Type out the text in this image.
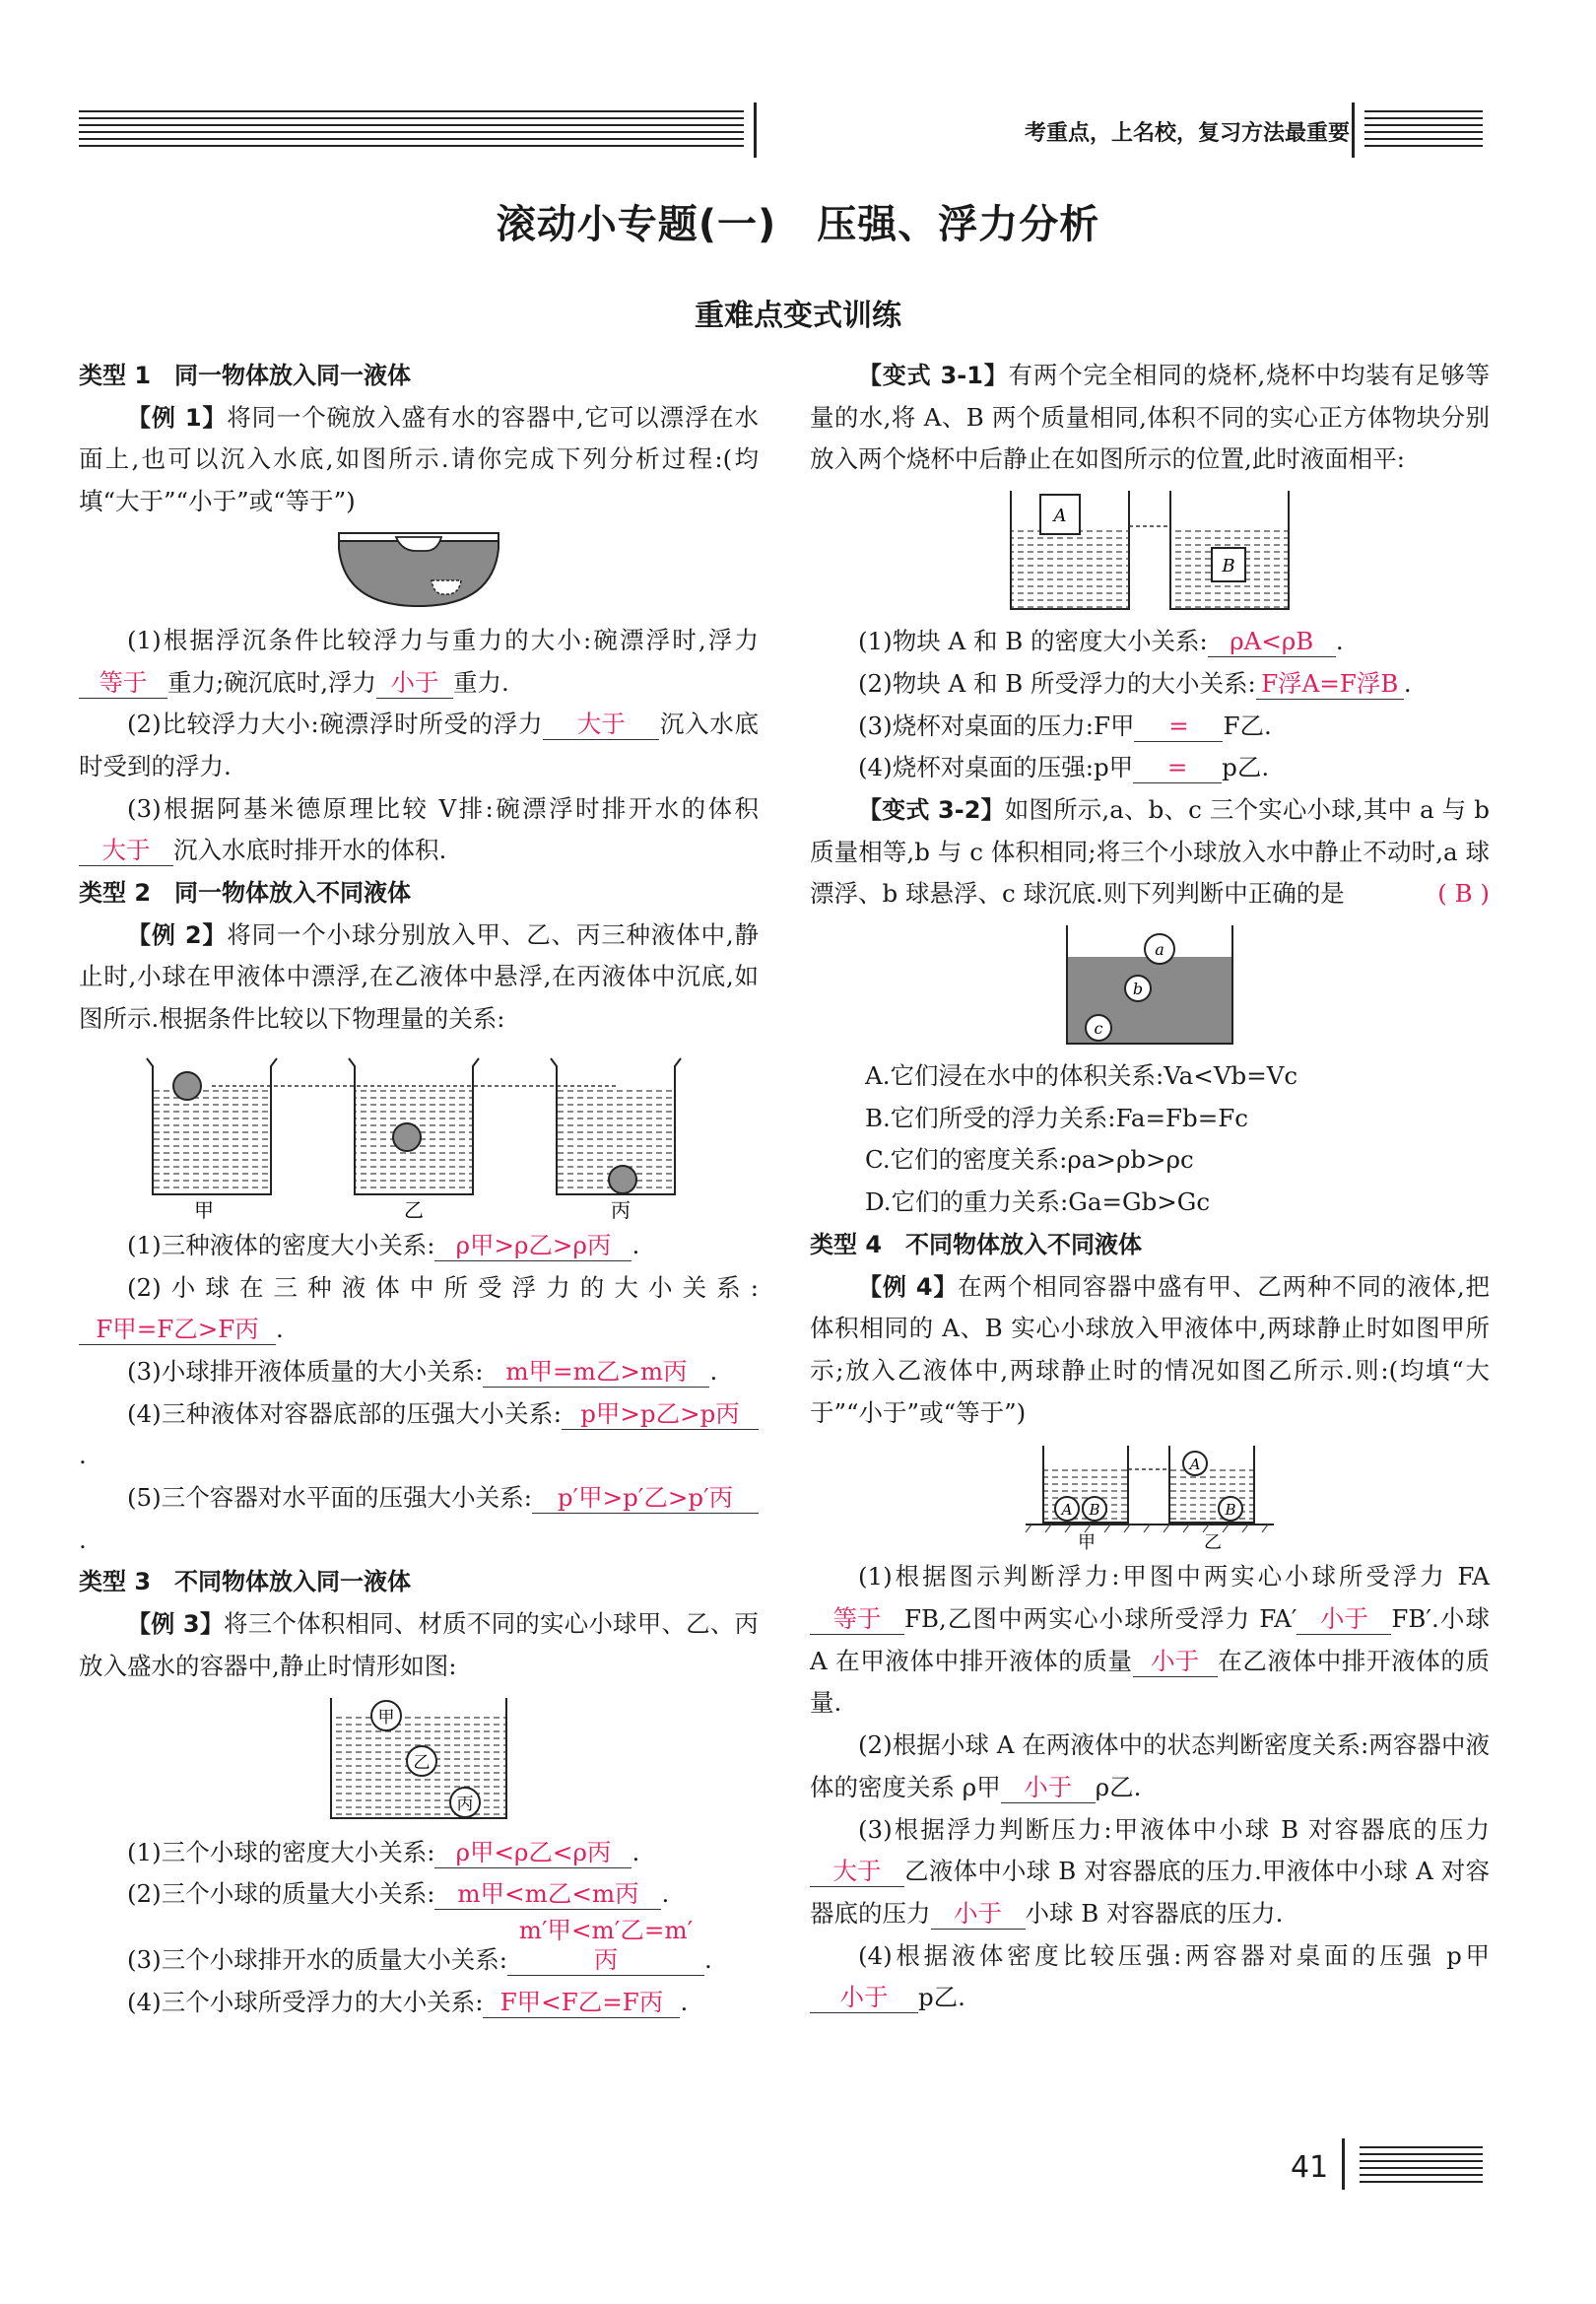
考重点，上名校，复习方法最重要
滚动小专题(一)　压强、浮力分析
重难点变式训练

类型 1　同一物体放入同一液体

【例 1】将同一个碗放入盛有水的容器中,它可以漂浮在水面上,也可以沉入水底,如图所示.请你完成下列分析过程:(均填“大于”“小于”或“等于”)

(1)根据浮沉条件比较浮力与重力的大小:碗漂浮时,浮力等于 重力;碗沉底时,浮力 小于 重力.

(2)比较浮力大小:碗漂浮时所受的浮力 大于 沉入水底时受到的浮力.

(3)根据阿基米德原理比较 V排:碗漂浮时排开水的体积大于 沉入水底时排开水的体积.

类型 2　同一物体放入不同液体

【例 2】将同一个小球分别放入甲、乙、丙三种液体中,静止时,小球在甲液体中漂浮,在乙液体中悬浮,在丙液体中沉底,如图所示.根据条件比较以下物理量的关系:

甲	乙	丙

(1)三种液体的密度大小关系: ρ甲>ρ乙>ρ丙 .

(2)小球在三种液体中所受浮力的大小关系:F甲=F乙>F丙 .

(3)小球排开液体质量的大小关系: m甲=m乙>m丙 .

(4)三种液体对容器底部的压强大小关系: p甲>p乙>p丙.

(5)三个容器对水平面的压强大小关系: p′甲>p′乙>p′丙.

类型 3　不同物体放入同一液体

【例 3】将三个体积相同、材质不同的实心小球甲、乙、丙放入盛水的容器中,静止时情形如图:

甲
乙
丙

(1)三个小球的密度大小关系: ρ甲<ρ乙<ρ丙 .

(2)三个小球的质量大小关系: m甲<m乙<m丙 .

(3)三个小球排开水的质量大小关系:m′甲<m′乙=m′丙	.

(4)三个小球所受浮力的大小关系: F甲<F乙=F丙 .

【变式 3-1】有两个完全相同的烧杯,烧杯中均装有足够等量的水,将 A、B 两个质量相同,体积不同的实心正方体物块分别放入两个烧杯中后静止在如图所示的位置,此时液面相平:

A
B

(1)物块 A 和 B 的密度大小关系: ρA<ρB .

(2)物块 A 和 B 所受浮力的大小关系: F浮A=F浮B .

(3)烧杯对桌面的压力:F甲 = F乙.

(4)烧杯对桌面的压强:p甲 = p乙.

【变式 3-2】如图所示,a、b、c 三个实心小球,其中 a 与 b 质量相等,b 与 c 体积相同;将三个小球放入水中静止不动时,a 球漂浮、b 球悬浮、c 球沉底.则下列判断中正确的是	( B )

a
b
c

A.它们浸在水中的体积关系:Va<Vb=Vc

B.它们所受的浮力关系:Fa=Fb=Fc

C.它们的密度关系:ρa>ρb>ρc

D.它们的重力关系:Ga=Gb>Gc

类型 4　不同物体放入不同液体

【例 4】在两个相同容器中盛有甲、乙两种不同的液体,把体积相同的 A、B 实心小球放入甲液体中,两球静止时如图甲所示;放入乙液体中,两球静止时的情况如图乙所示.则:(均填“大于”“小于”或“等于”)

A B
A
B
甲	乙

(1)根据图示判断浮力:甲图中两实心小球所受浮力 FA等于 FB,乙图中两实心小球所受浮力 FA′ 小于 FB′.小球 A 在甲液体中排开液体的质量 小于 在乙液体中排开液体的质量.

(2)根据小球 A 在两液体中的状态判断密度关系:两容器中液体的密度关系 ρ甲 小于 ρ乙.

(3)根据浮力判断压力:甲液体中小球 B 对容器底的压力大于 乙液体中小球 B 对容器底的压力.甲液体中小球 A 对容器底的压力 小于 小球 B 对容器底的压力.

(4)根据液体密度比较压强:两容器对桌面的压强 p甲小于 p乙.

41
